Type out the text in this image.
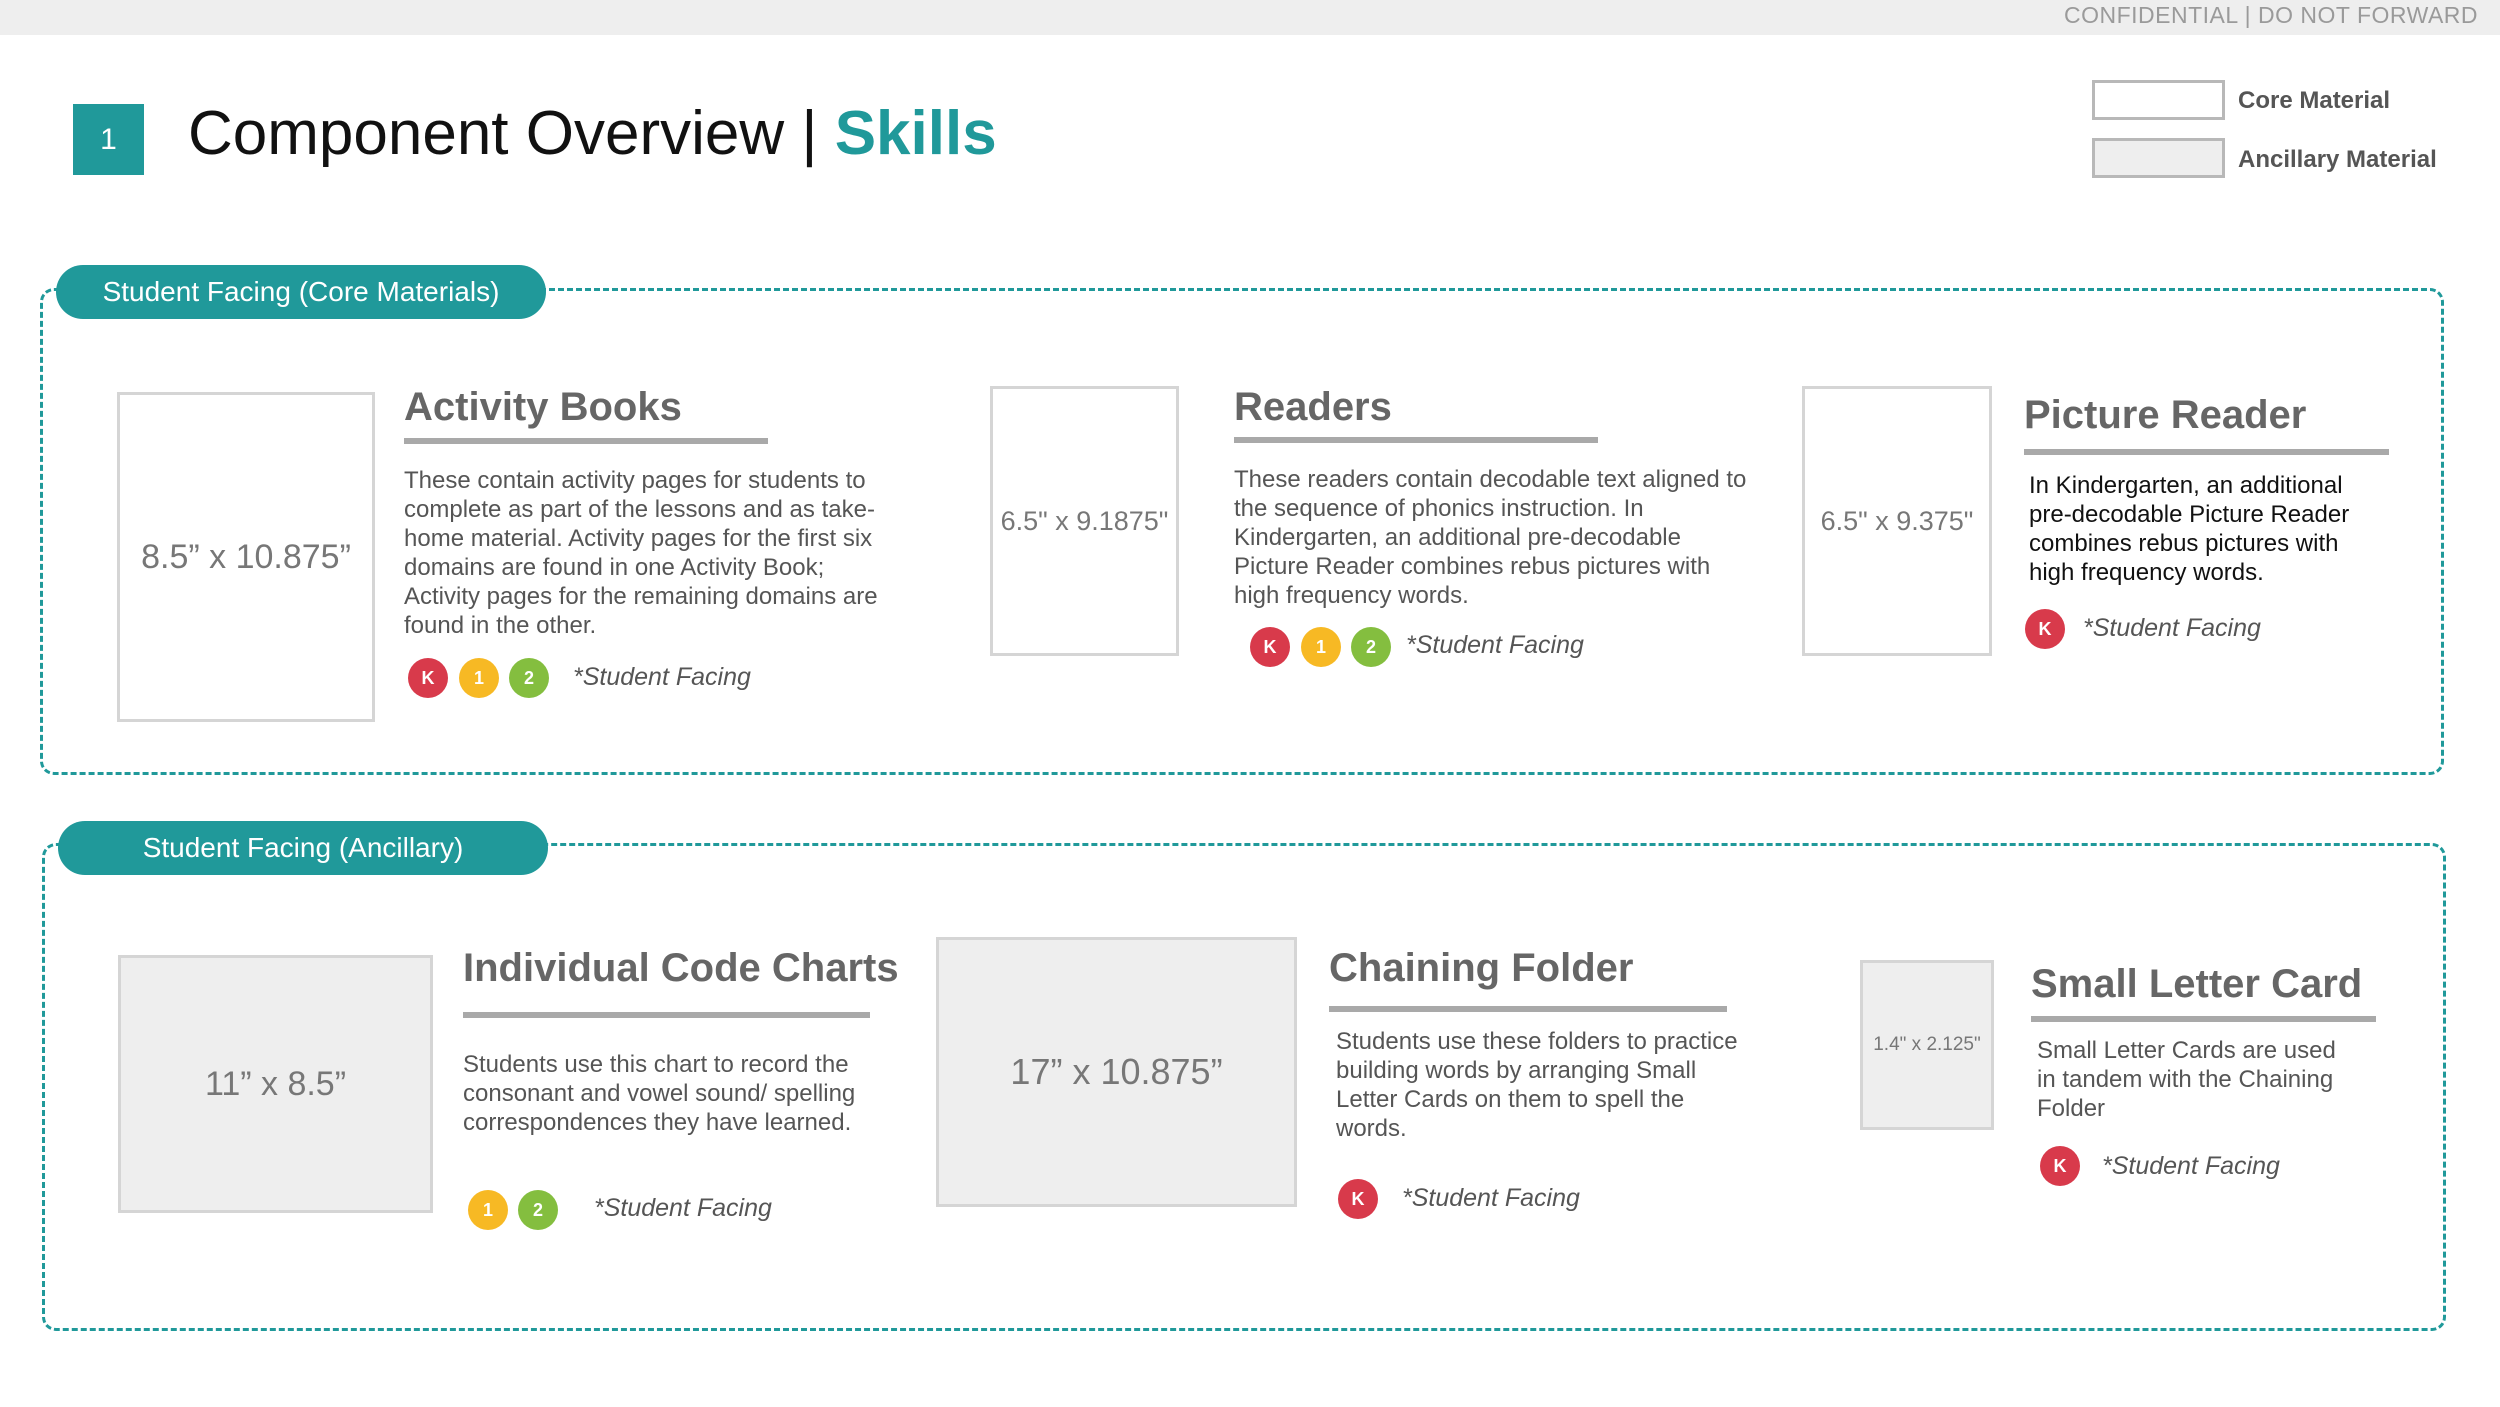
CONFIDENTIAL | DO NOT FORWARD
1	Component Overview | Skills	Core Material
Ancillary Material
Student Facing (Core Materials)
8.5” x 10.875”
Activity Books
These contain activity pages for students to complete as part of the lessons and as take-home material. Activity pages for the first six domains are found in one Activity Book; Activity pages for the remaining domains are found in the other.
K	1	2	*Student Facing
6.5" x 9.1875"
Readers
These readers contain decodable text aligned to the sequence of phonics instruction. In Kindergarten, an additional pre-decodable Picture Reader combines rebus pictures with high frequency words.
K	1	2	*Student Facing
6.5" x 9.375"
Picture Reader
In Kindergarten, an additional pre-decodable Picture Reader combines rebus pictures with high frequency words.
K	*Student Facing
Student Facing (Ancillary)
11” x 8.5”
Individual Code Charts
Students use this chart to record the consonant and vowel sound/ spelling correspondences they have learned.
1	2	*Student Facing
17” x 10.875”
Chaining Folder
Students use these folders to practice building words by arranging Small Letter Cards on them to spell the words.
K	*Student Facing
1.4" x 2.125"
Small Letter Card
Small Letter Cards are used in tandem with the Chaining Folder
K	*Student Facing
